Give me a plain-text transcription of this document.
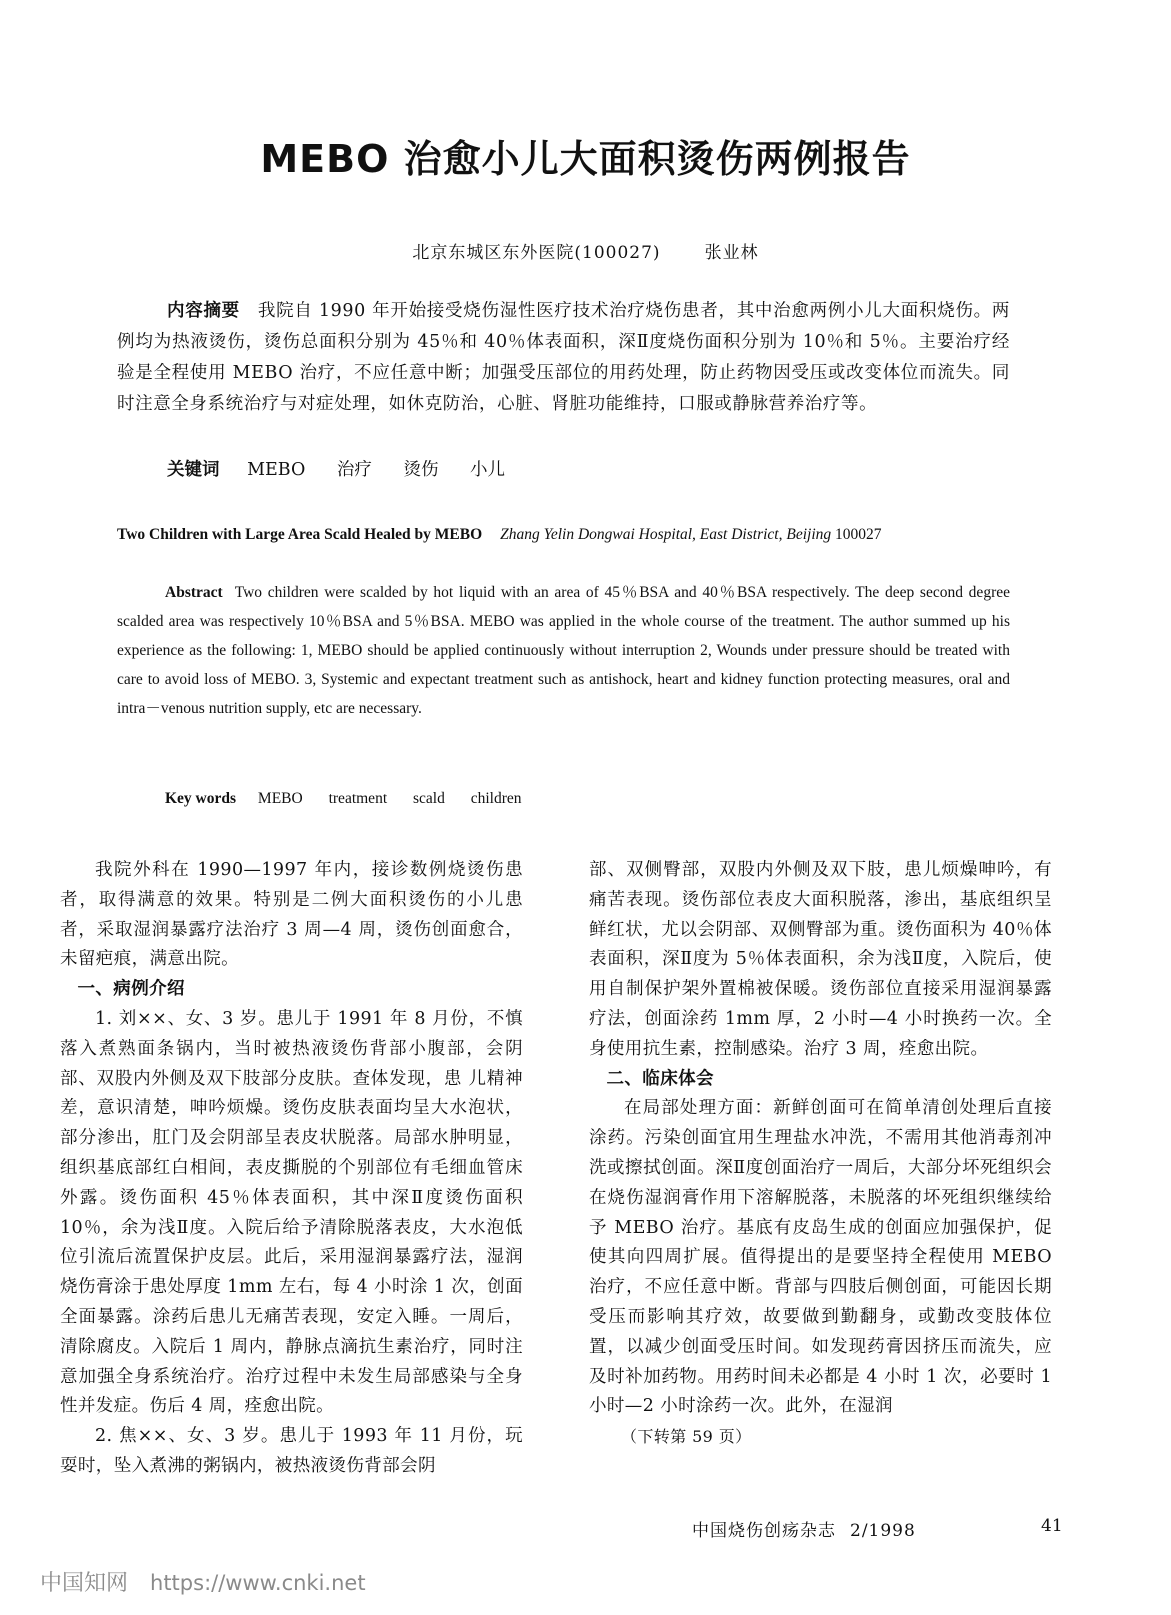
MEBO 治愈小儿大面积烫伤两例报告
北京东城区东外医院(100027)	张业林

内容摘要 我院自 1990 年开始接受烧伤湿性医疗技术治疗烧伤患者，其中治愈两例小儿大面积烧伤。两例均为热液烫伤，烫伤总面积分别为 45％和 40％体表面积，深Ⅱ度烧伤面积分别为 10％和 5％。主要治疗经验是全程使用 MEBO 治疗，不应任意中断；加强受压部位的用药处理，防止药物因受压或改变体位而流失。同时注意全身系统治疗与对症处理，如休克防治，心脏、肾脏功能维持，口服或静脉营养治疗等。

关键词 MEBO 治疗 烫伤 小儿

Two Children with Large Area Scald Healed by MEBO Zhang Yelin Dongwai Hospital, East District, Beijing 100027

Abstract Two children were scalded by hot liquid with an area of 45％BSA and 40％BSA respectively. The deep second degree scalded area was respectively 10％BSA and 5％BSA. MEBO was applied in the whole course of the treatment. The author summed up his experience as the following: 1, MEBO should be applied continuously without interruption 2, Wounds under pressure should be treated with care to avoid loss of MEBO. 3, Systemic and expectant treatment such as antishock, heart and kidney function protecting measures, oral and intra－venous nutrition supply, etc are necessary.

Key words MEBO treatment scald children

我院外科在 1990—1997 年内，接诊数例烧烫伤患者，取得满意的效果。特别是二例大面积烫伤的小儿患者，采取湿润暴露疗法治疗 3 周—4 周，烫伤创面愈合，未留疤痕，满意出院。

一、病例介绍

1. 刘××、女、3 岁。患儿于 1991 年 8 月份，不慎落入煮熟面条锅内，当时被热液烫伤背部小腹部，会阴部、双股内外侧及双下肢部分皮肤。查体发现，患 儿精神差，意识清楚，呻吟烦燥。烫伤皮肤表面均呈大水泡状，部分渗出，肛门及会阴部呈表皮状脱落。局部水肿明显，组织基底部红白相间，表皮撕脱的个别部位有毛细血管床外露。烫伤面积 45％体表面积，其中深Ⅱ度烫伤面积 10％，余为浅Ⅱ度。入院后给予清除脱落表皮，大水泡低位引流后流置保护皮层。此后，采用湿润暴露疗法，湿润烧伤膏涂于患处厚度 1mm 左右，每 4 小时涂 1 次，创面全面暴露。涂药后患儿无痛苦表现，安定入睡。一周后，清除腐皮。入院后 1 周内，静脉点滴抗生素治疗，同时注意加强全身系统治疗。治疗过程中未发生局部感染与全身性并发症。伤后 4 周，痊愈出院。

2. 焦××、女、3 岁。患儿于 1993 年 11 月份，玩耍时，坠入煮沸的粥锅内，被热液烫伤背部会阴

部、双侧臀部，双股内外侧及双下肢，患儿烦燥呻吟，有痛苦表现。烫伤部位表皮大面积脱落，渗出，基底组织呈鲜红状，尤以会阴部、双侧臀部为重。烫伤面积为 40％体表面积，深Ⅱ度为 5％体表面积，余为浅Ⅱ度，入院后，使用自制保护架外置棉被保暖。烫伤部位直接采用湿润暴露疗法，创面涂药 1mm 厚，2 小时—4 小时换药一次。全身使用抗生素，控制感染。治疗 3 周，痊愈出院。

二、临床体会

在局部处理方面：新鲜创面可在简单清创处理后直接涂药。污染创面宜用生理盐水冲洗，不需用其他消毒剂冲洗或擦拭创面。深Ⅱ度创面治疗一周后，大部分坏死组织会在烧伤湿润膏作用下溶解脱落，未脱落的坏死组织继续给予 MEBO 治疗。基底有皮岛生成的创面应加强保护，促使其向四周扩展。值得提出的是要坚持全程使用 MEBO 治疗，不应任意中断。背部与四肢后侧创面，可能因长期受压而影响其疗效，故要做到勤翻身，或勤改变肢体位置，以减少创面受压时间。如发现药膏因挤压而流失，应及时补加药物。用药时间未必都是 4 小时 1 次，必要时 1 小时—2 小时涂药一次。此外，在湿润

（下转第 59 页）

中国烧伤创疡杂志 2/1998	41
中国知网 https://www.cnki.net
